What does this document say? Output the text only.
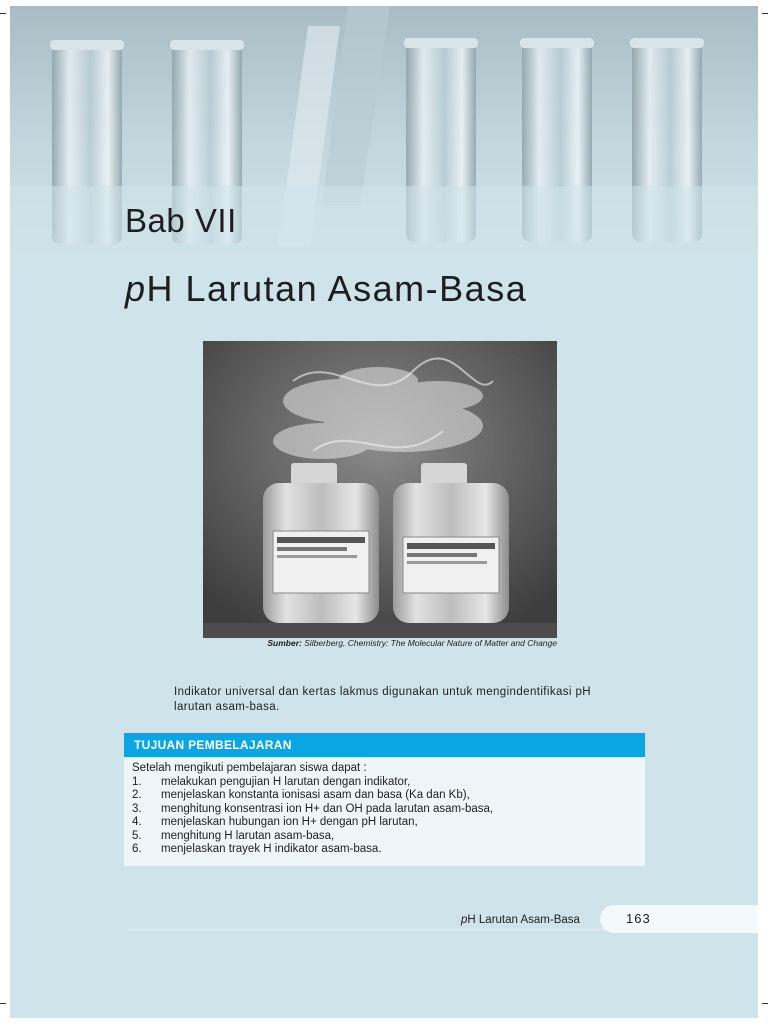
Bab VII
pH Larutan Asam-Basa
Sumber: Silberberg, Chemistry: The Molecular Nature of Matter and Change
Indikator universal dan kertas lakmus digunakan untuk mengindentifikasi pH larutan asam-basa.
TUJUAN PEMBELAJARAN
Setelah mengikuti pembelajaran siswa dapat :
1.	melakukan pengujian H larutan dengan indikator,
2.	menjelaskan konstanta ionisasi asam dan basa (Ka dan Kb),
3.	menghitung konsentrasi ion H+ dan OH pada larutan asam-basa,
4.	menjelaskan hubungan ion H+ dengan pH larutan,
5.	menghitung H larutan asam-basa,
6.	menjelaskan trayek H indikator asam-basa.
pH Larutan Asam-Basa	163
